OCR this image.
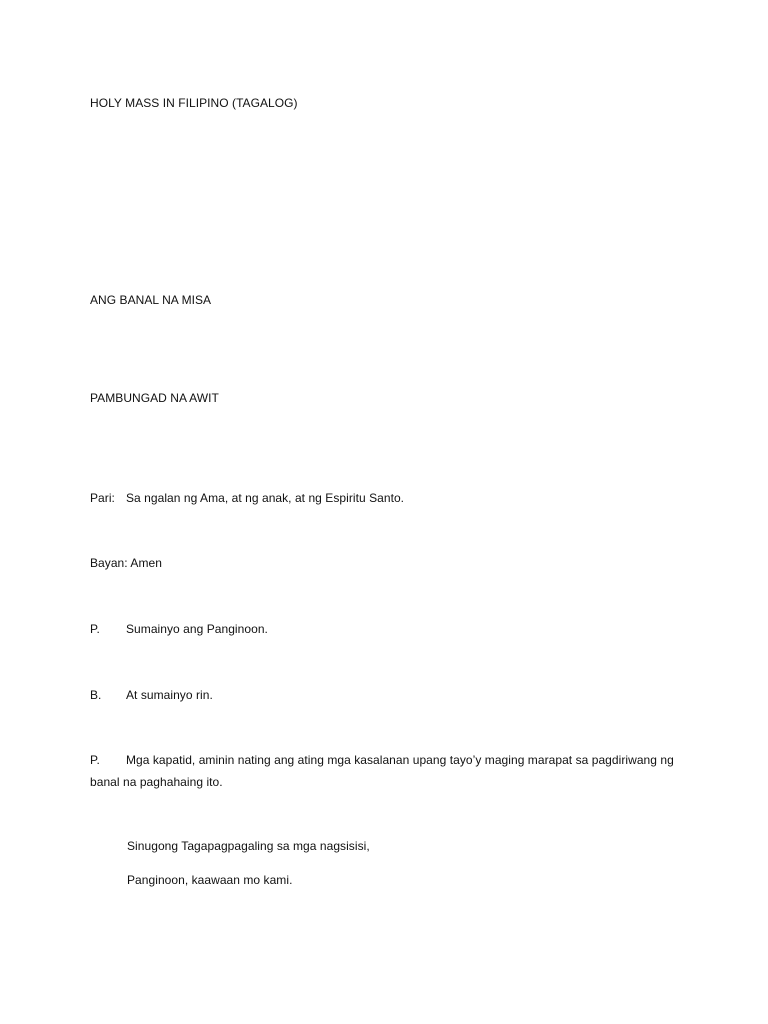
HOLY MASS IN FILIPINO (TAGALOG)
ANG BANAL NA MISA
PAMBUNGAD NA AWIT
Pari: Sa ngalan ng Ama, at ng anak, at ng Espiritu Santo.
Bayan: Amen
P. Sumainyo ang Panginoon.
B. At sumainyo rin.
P. Mga kapatid, aminin nating ang ating mga kasalanan upang tayo’y maging marapat sa pagdiriwang ng banal na paghahaing ito.
Sinugong Tagapagpagaling sa mga nagsisisi,
Panginoon, kaawaan mo kami.
